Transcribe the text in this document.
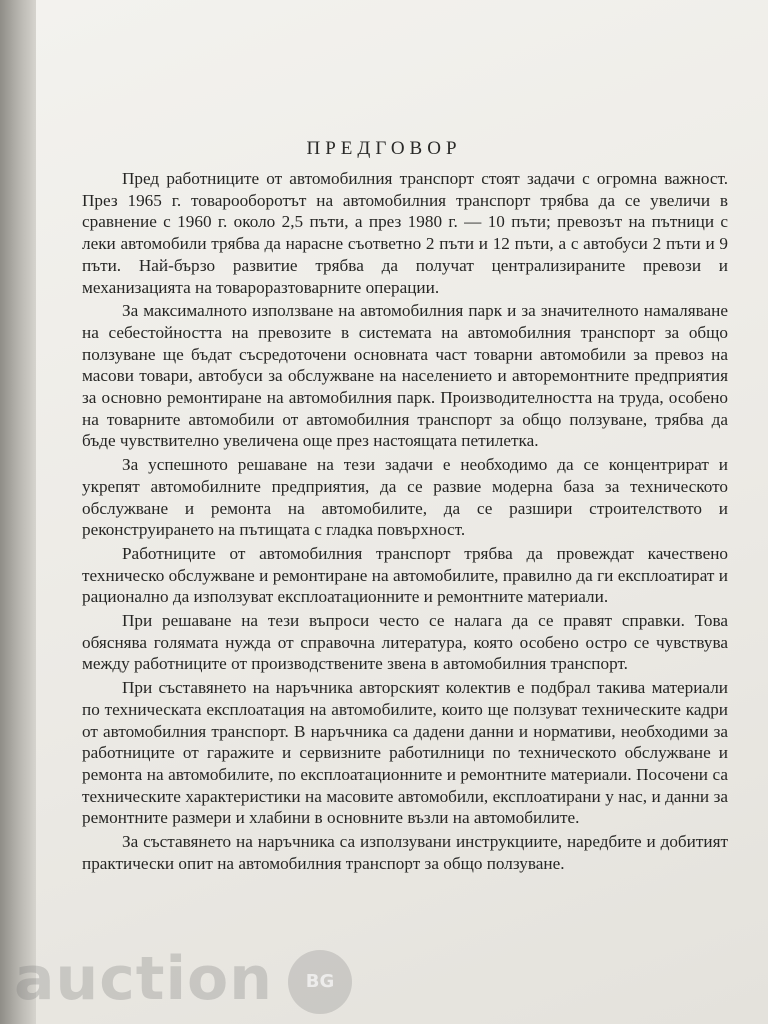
ПРЕДГОВОР

Пред работниците от автомобилния транспорт стоят задачи с огромна важност. През 1965 г. товарооборотът на автомобилния транспорт трябва да се увеличи в сравнение с 1960 г. около 2,5 пъти, а през 1980 г. — 10 пъти; превозът на пътници с леки автомобили трябва да нарасне съответно 2 пъти и 12 пъти, а с автобуси 2 пъти и 9 пъти. Най-бързо развитие трябва да получат централизираните превози и механизацията на товароразтоварните операции.

За максималното използване на автомобилния парк и за значителното намаляване на себестойността на превозите в системата на автомобилния транспорт за общо ползуване ще бъдат съсредоточени основната част товарни автомобили за превоз на масови товари, автобуси за обслужване на населението и авторемонтните предприятия за основно ремонтиране на автомобилния парк. Производителността на труда, особено на товарните автомобили от автомобилния транспорт за общо ползуване, трябва да бъде чувствително увеличена още през настоящата петилетка.

За успешното решаване на тези задачи е необходимо да се концентрират и укрепят автомобилните предприятия, да се развие модерна база за техническото обслужване и ремонта на автомобилите, да се разшири строителството и реконструирането на пътищата с гладка повърхност.

Работниците от автомобилния транспорт трябва да провеждат качествено техническо обслужване и ремонтиране на автомобилите, правилно да ги експлоатират и рационално да използуват експлоатационните и ремонтните материали.

При решаване на тези въпроси често се налага да се правят справки. Това обяснява голямата нужда от справочна литература, която особено остро се чувствува между работниците от производствените звена в автомобилния транспорт.

При съставянето на наръчника авторският колектив е подбрал такива материали по техническата експлоатация на автомобилите, които ще ползуват техническите кадри от автомобилния транспорт. В наръчника са дадени данни и нормативи, необходими за работниците от гаражите и сервизните работилници по техническото обслужване и ремонта на автомобилите, по експлоатационните и ремонтните материали. Посочени са техническите характеристики на масовите автомобили, експлоатирани у нас, и данни за ремонтните размери и хлабини в основните възли на автомобилите.

За съставянето на наръчника са използувани инструкциите, наредбите и добитият практически опит на автомобилния транспорт за общо ползуване.

auction	BG
